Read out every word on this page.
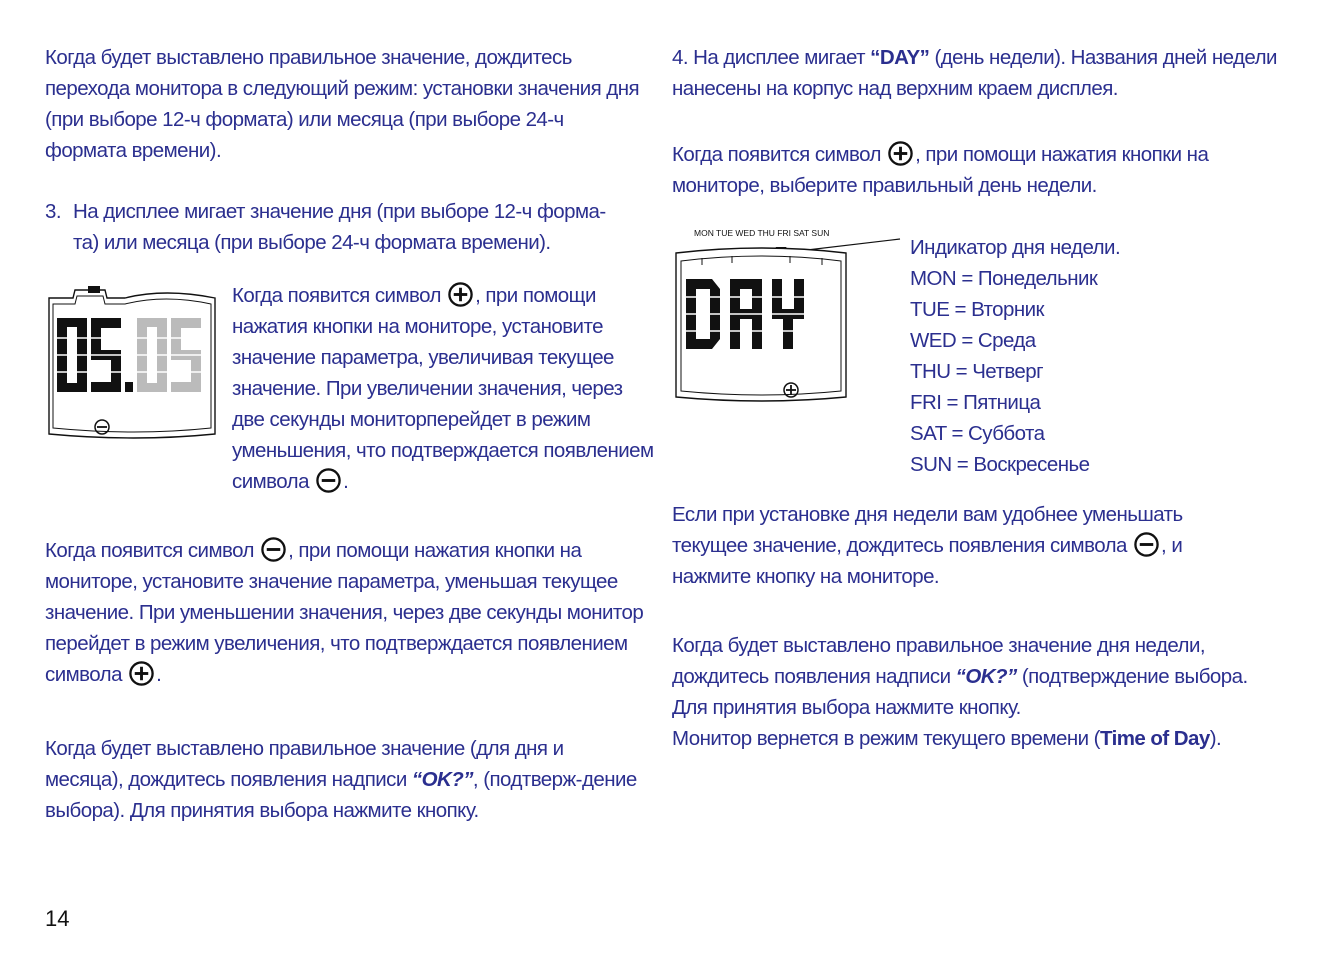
Когда будет выставлено правильное значение, дождитесь перехода монитора в следующий режим: установки значения дня (при выборе 12-ч формата) или месяца (при выборе 24-ч формата времени).

3. На дисплее мигает значение дня (при выборе 12-ч форма-
та) или месяца (при выборе 24-ч формата времени).

Когда появится символ , при помощи нажатия кнопки на мониторе, установите значение параметра, увеличивая текущее значение. При увеличении значения, через две секунды мониторперейдет в режим уменьшения, что подтверждается появлением символа .

Когда появится символ , при помощи нажатия кнопки на мониторе, установите значение параметра, уменьшая текущее значение. При уменьшении значения, через две секунды монитор перейдет в режим увеличения, что подтверждается появлением символа .

Когда будет выставлено правильное значение (для дня и месяца), дождитесь появления надписи “OK?”, (подтверж-дение выбора). Для принятия выбора нажмите кнопку.

4. На дисплее мигает “DAY” (день недели). Названия дней недели нанесены на корпус над верхним краем дисплея.

Когда появится символ , при помощи нажатия кнопки на мониторе, выберите правильный день недели.

MON TUE WED THU FRI SAT SUN
Индикатор дня недели.
MON = Понедельник
TUE = Вторник
WED = Среда
THU = Четверг
FRI = Пятница
SAT = Суббота
SUN = Воскресенье

Если при установке дня недели вам удобнее уменьшать текущее значение, дождитесь появления символа , и нажмите кнопку на мониторе.

Когда будет выставлено правильное значение дня недели, дождитесь появления надписи “OK?” (подтверждение выбора. Для принятия выбора нажмите кнопку.
Монитор вернется в режим текущего времени (Time of Day).

14
